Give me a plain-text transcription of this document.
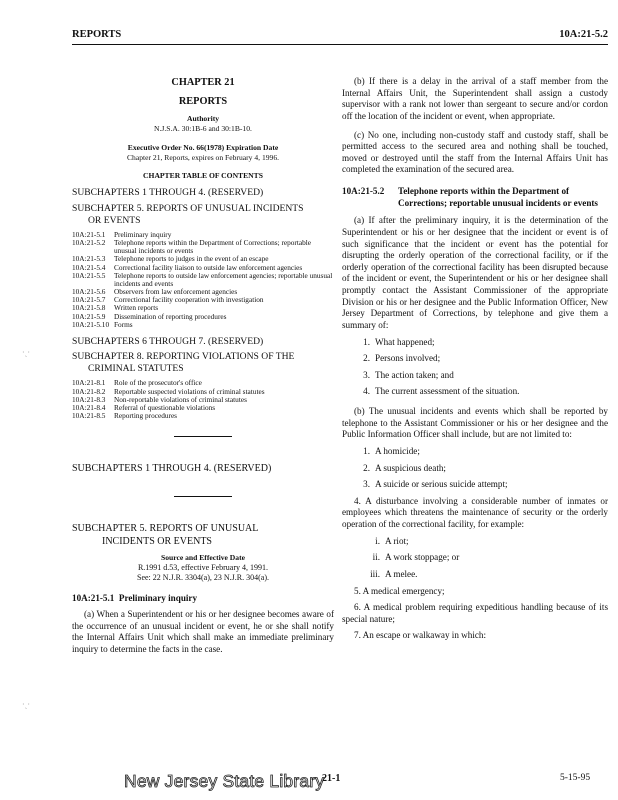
REPORTS	10A:21-5.2
CHAPTER 21
REPORTS
Authority
N.J.S.A. 30:1B-6 and 30:1B-10.
Executive Order No. 66(1978) Expiration Date
Chapter 21, Reports, expires on February 4, 1996.
CHAPTER TABLE OF CONTENTS
SUBCHAPTERS 1 THROUGH 4. (RESERVED)
SUBCHAPTER 5. REPORTS OF UNUSUAL INCIDENTS
OR EVENTS
10A:21-5.1	Preliminary inquiry
10A:21-5.2	Telephone reports within the Department of Corrections; reportable unusual incidents or events
10A:21-5.3	Telephone reports to judges in the event of an escape
10A:21-5.4	Correctional facility liaison to outside law enforcement agencies
10A:21-5.5	Telephone reports to outside law enforcement agencies; reportable unusual incidents and events
10A:21-5.6	Observers from law enforcement agencies
10A:21-5.7	Correctional facility cooperation with investigation
10A:21-5.8	Written reports
10A:21-5.9	Dissemination of reporting procedures
10A:21-5.10 Forms
SUBCHAPTERS 6 THROUGH 7. (RESERVED)
SUBCHAPTER 8. REPORTING VIOLATIONS OF THE
CRIMINAL STATUTES
10A:21-8.1	Role of the prosecutor's office
10A:21-8.2	Reportable suspected violations of criminal statutes
10A:21-8.3	Non-reportable violations of criminal statutes
10A:21-8.4	Referral of questionable violations
10A:21-8.5	Reporting procedures
SUBCHAPTERS 1 THROUGH 4. (RESERVED)
SUBCHAPTER 5. REPORTS OF UNUSUAL
INCIDENTS OR EVENTS
Source and Effective Date
R.1991 d.53, effective February 4, 1991.
See: 22 N.J.R. 3304(a), 23 N.J.R. 304(a).
10A:21-5.1 Preliminary inquiry

(a) When a Superintendent or his or her designee becomes aware of the occurrence of an unusual incident or event, he or she shall notify the Internal Affairs Unit which shall make an immediate preliminary inquiry to determine the facts in the case.

(b) If there is a delay in the arrival of a staff member from the Internal Affairs Unit, the Superintendent shall assign a custody supervisor with a rank not lower than sergeant to secure and/or cordon off the location of the incident or event, when appropriate.

(c) No one, including non-custody staff and custody staff, shall be permitted access to the secured area and nothing shall be touched, moved or destroyed until the staff from the Internal Affairs Unit has completed the examination of the secured area.

10A:21-5.2	Telephone reports within the Department of Corrections; reportable unusual incidents or events

(a) If after the preliminary inquiry, it is the determination of the Superintendent or his or her designee that the incident or event is of such significance that the incident or event has the potential for disrupting the orderly operation of the correctional facility, or if the orderly operation of the correctional facility has been disrupted because of the incident or event, the Superintendent or his or her designee shall promptly contact the Assistant Commissioner of the appropriate Division or his or her designee and the Public Information Officer, New Jersey Department of Corrections, by telephone and give them a summary of:

1. What happened;
2. Persons involved;
3. The action taken; and
4. The current assessment of the situation.

(b) The unusual incidents and events which shall be reported by telephone to the Assistant Commissioner or his or her designee and the Public Information Officer shall include, but are not limited to:

1. A homicide;
2. A suspicious death;
3. A suicide or serious suicide attempt;

4. A disturbance involving a considerable number of inmates or employees which threatens the maintenance of security or the orderly operation of the correctional facility, for example:

i. A riot;
ii. A work stoppage; or
iii. A melee.

5. A medical emergency;

6. A medical problem requiring expeditious handling because of its special nature;

7. An escape or walkaway in which:

·ˎ·
·ˏ·
New Jersey State Library
21-1	5-15-95
